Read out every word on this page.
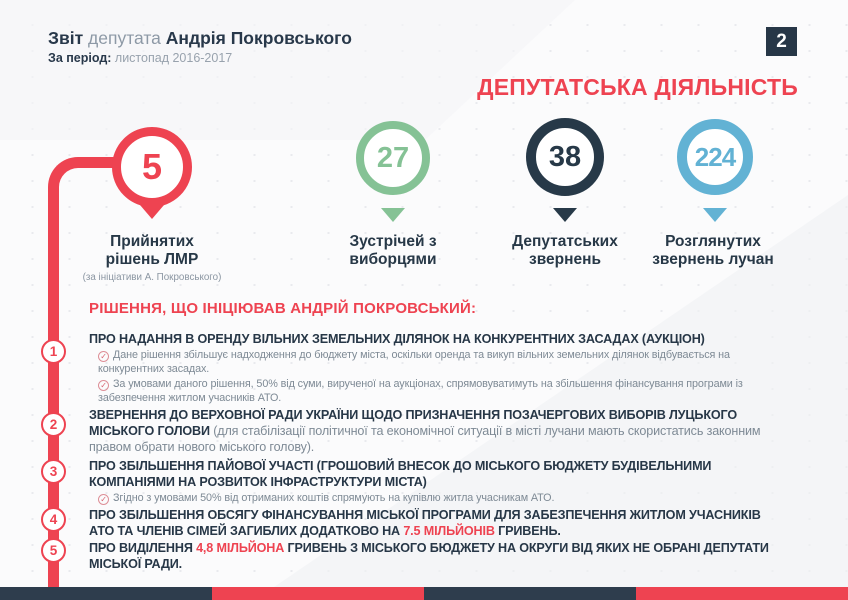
Звіт депутата Андрія Покровського
За період: листопад 2016-2017
2
ДЕПУТАТСЬКА ДІЯЛЬНІСТЬ
5	27	38	224
Прийнятих
рішень ЛМР
(за ініціативи А. Покровського)
Зустрічей з
виборцями
Депутатських
звернень
Розглянутих
звернень лучан
РІШЕННЯ, ЩО ІНІЦІЮВАВ АНДРІЙ ПОКРОВСЬКИЙ:
1
2
3
4
5
ПРО НАДАННЯ В ОРЕНДУ ВІЛЬНИХ ЗЕМЕЛЬНИХ ДІЛЯНОК НА КОНКУРЕНТНИХ ЗАСАДАХ (АУКЦІОН)
✓ Дане рішення збільшує надходження до бюджету міста, оскільки оренда та викуп вільних земельних ділянок відбувається на конкурентних засадах.
✓ За умовами даного рішення, 50% від суми, вирученої на аукціонах, спрямовуватимуть на збільшення фінансування програми із забезпечення житлом учасників АТО.
ЗВЕРНЕННЯ ДО ВЕРХОВНОЇ РАДИ УКРАЇНИ ЩОДО ПРИЗНАЧЕННЯ ПОЗАЧЕРГОВИХ ВИБОРІВ ЛУЦЬКОГО МІСЬКОГО ГОЛОВИ (для стабілізації політичної та економічної ситуації в місті лучани мають скористатись законним правом обрати нового міського голову).
ПРО ЗБІЛЬШЕННЯ ПАЙОВОЇ УЧАСТІ (ГРОШОВИЙ ВНЕСОК ДО МІСЬКОГО БЮДЖЕТУ БУДІВЕЛЬНИМИ КОМПАНІЯМИ НА РОЗВИТОК ІНФРАСТРУКТУРИ МІСТА)
✓ Згідно з умовами 50% від отриманих коштів спрямують на купівлю житла учасникам АТО.
ПРО ЗБІЛЬШЕННЯ ОБСЯГУ ФІНАНСУВАННЯ МІСЬКОЇ ПРОГРАМИ ДЛЯ ЗАБЕЗПЕЧЕННЯ ЖИТЛОМ УЧАСНИКІВ АТО ТА ЧЛЕНІВ СІМЕЙ ЗАГИБЛИХ ДОДАТКОВО НА 7.5 МІЛЬЙОНІВ ГРИВЕНЬ.
ПРО ВИДІЛЕННЯ 4,8 МІЛЬЙОНА ГРИВЕНЬ З МІСЬКОГО БЮДЖЕТУ НА ОКРУГИ ВІД ЯКИХ НЕ ОБРАНІ ДЕПУТАТИ МІСЬКОЇ РАДИ.
